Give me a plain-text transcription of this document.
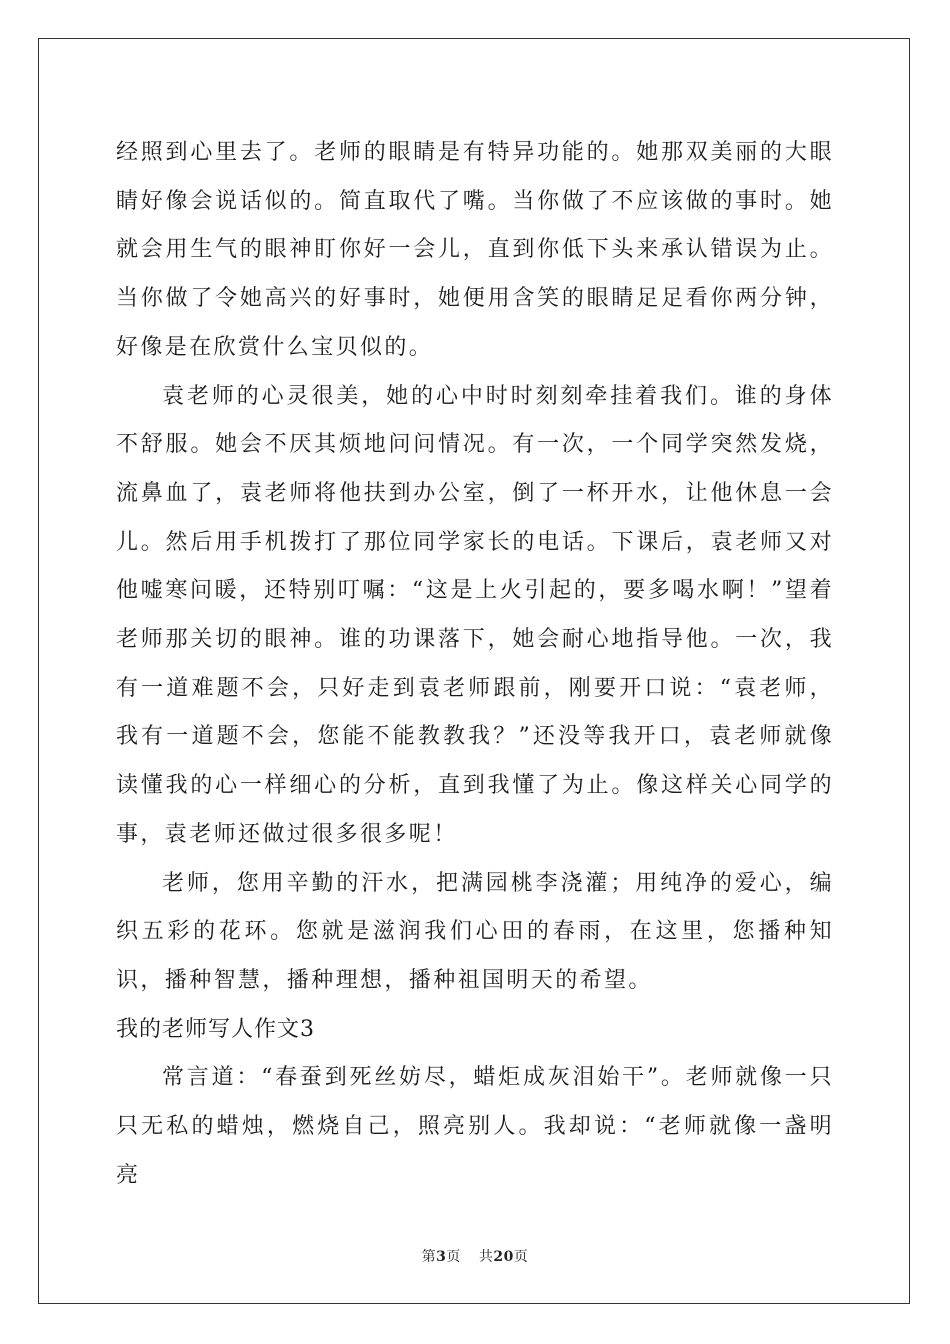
经照到心里去了。老师的眼睛是有特异功能的。她那双美丽的大眼睛好像会说话似的。简直取代了嘴。当你做了不应该做的事时。她就会用生气的眼神盯你好一会儿，直到你低下头来承认错误为止。当你做了令她高兴的好事时，她便用含笑的眼睛足足看你两分钟，好像是在欣赏什么宝贝似的。

袁老师的心灵很美，她的心中时时刻刻牵挂着我们。谁的身体不舒服。她会不厌其烦地问问情况。有一次，一个同学突然发烧，流鼻血了，袁老师将他扶到办公室，倒了一杯开水，让他休息一会儿。然后用手机拨打了那位同学家长的电话。下课后，袁老师又对他嘘寒问暖，还特别叮嘱：“这是上火引起的，要多喝水啊！”望着老师那关切的眼神。谁的功课落下，她会耐心地指导他。一次，我有一道难题不会，只好走到袁老师跟前，刚要开口说：“袁老师，我有一道题不会，您能不能教教我？”还没等我开口，袁老师就像读懂我的心一样细心的分析，直到我懂了为止。像这样关心同学的事，袁老师还做过很多很多呢！

老师，您用辛勤的汗水，把满园桃李浇灌；用纯净的爱心，编织五彩的花环。您就是滋润我们心田的春雨，在这里，您播种知识，播种智慧，播种理想，播种祖国明天的希望。

我的老师写人作文3

常言道：“春蚕到死丝妨尽，蜡炬成灰泪始干”。老师就像一只只无私的蜡烛，燃烧自己，照亮别人。我却说：“老师就像一盏明亮

第3页 共20页
